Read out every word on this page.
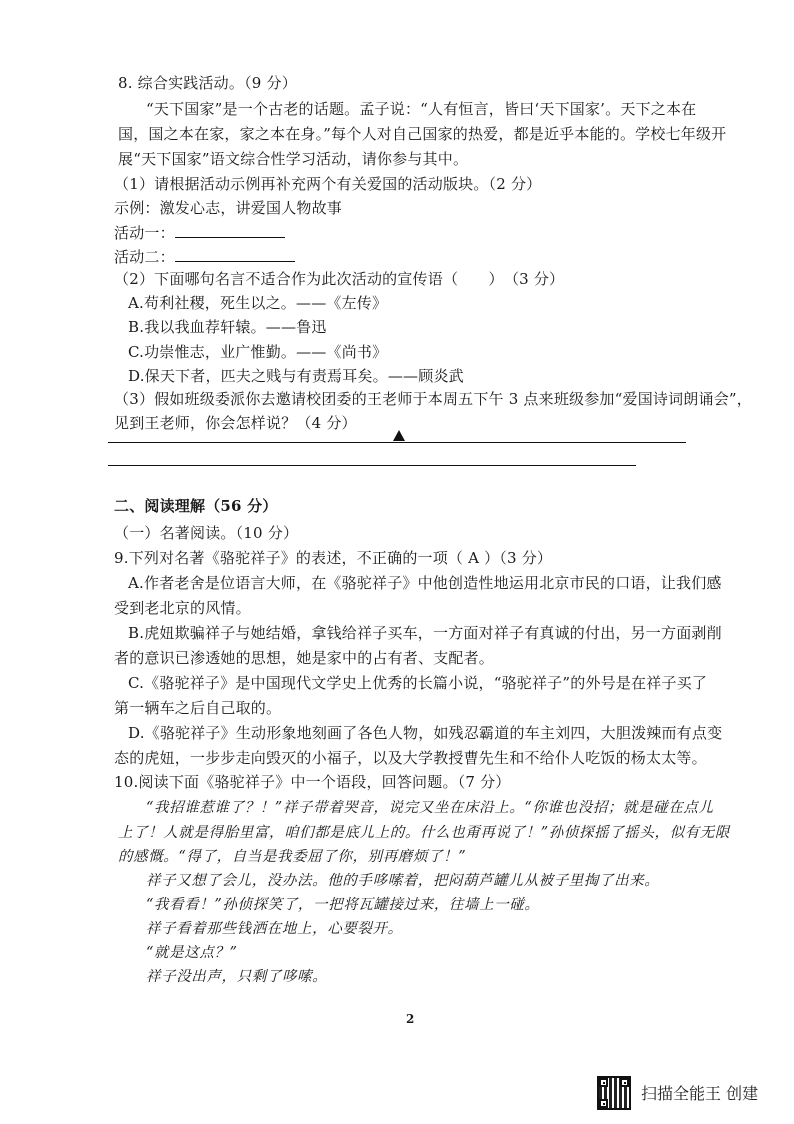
8. 综合实践活动。（9 分）
“天下国家”是一个古老的话题。孟子说：“人有恒言，皆曰‘天下国家’。天下之本在
国，国之本在家，家之本在身。”每个人对自己国家的热爱，都是近乎本能的。学校七年级开
展“天下国家”语文综合性学习活动，请你参与其中。
（1）请根据活动示例再补充两个有关爱国的活动版块。（2 分）
示例：激发心志，讲爱国人物故事
活动一：
活动二：
（2）下面哪句名言不适合作为此次活动的宣传语（　　）　（3 分）
A.苟利社稷，死生以之。——《左传》
B.我以我血荐轩辕。——鲁迅
C.功崇惟志，业广惟勤。——《尚书》
D.保天下者，匹夫之贱与有责焉耳矣。——顾炎武
（3）假如班级委派你去邀请校团委的王老师于本周五下午 3 点来班级参加“爱国诗词朗诵会”，
见到王老师，你会怎样说？（4 分）
二、阅读理解（56 分）
（一）名著阅读。（10 分）
9.下列对名著《骆驼祥子》的表述，不正确的一项（ A ）（3 分）
A.作者老舍是位语言大师，在《骆驼祥子》中他创造性地运用北京市民的口语，让我们感
受到老北京的风情。
B.虎妞欺骗祥子与她结婚，拿钱给祥子买车，一方面对祥子有真诚的付出，另一方面剥削
者的意识已渗透她的思想，她是家中的占有者、支配者。
C.《骆驼祥子》是中国现代文学史上优秀的长篇小说，“骆驼祥子”的外号是在祥子买了
第一辆车之后自己取的。
D.《骆驼祥子》生动形象地刻画了各色人物，如残忍霸道的车主刘四，大胆泼辣而有点变
态的虎妞，一步步走向毁灭的小福子，以及大学教授曹先生和不给仆人吃饭的杨太太等。
10.阅读下面《骆驼祥子》中一个语段，回答问题。（7 分）
“我招谁惹谁了？！”祥子带着哭音，说完又坐在床沿上。“你谁也没招；就是碰在点儿
上了！人就是得胎里富，咱们都是底儿上的。什么也甭再说了！”孙侦探摇了摇头，似有无限
的感慨。“得了，自当是我委屈了你，别再磨烦了！”
祥子又想了会儿，没办法。他的手哆嗦着，把闷葫芦罐儿从被子里掏了出来。
“我看看！”孙侦探笑了，一把将瓦罐接过来，往墙上一碰。
祥子看着那些钱洒在地上，心要裂开。
“就是这点？”
祥子没出声，只剩了哆嗦。
2
扫描全能王 创建
